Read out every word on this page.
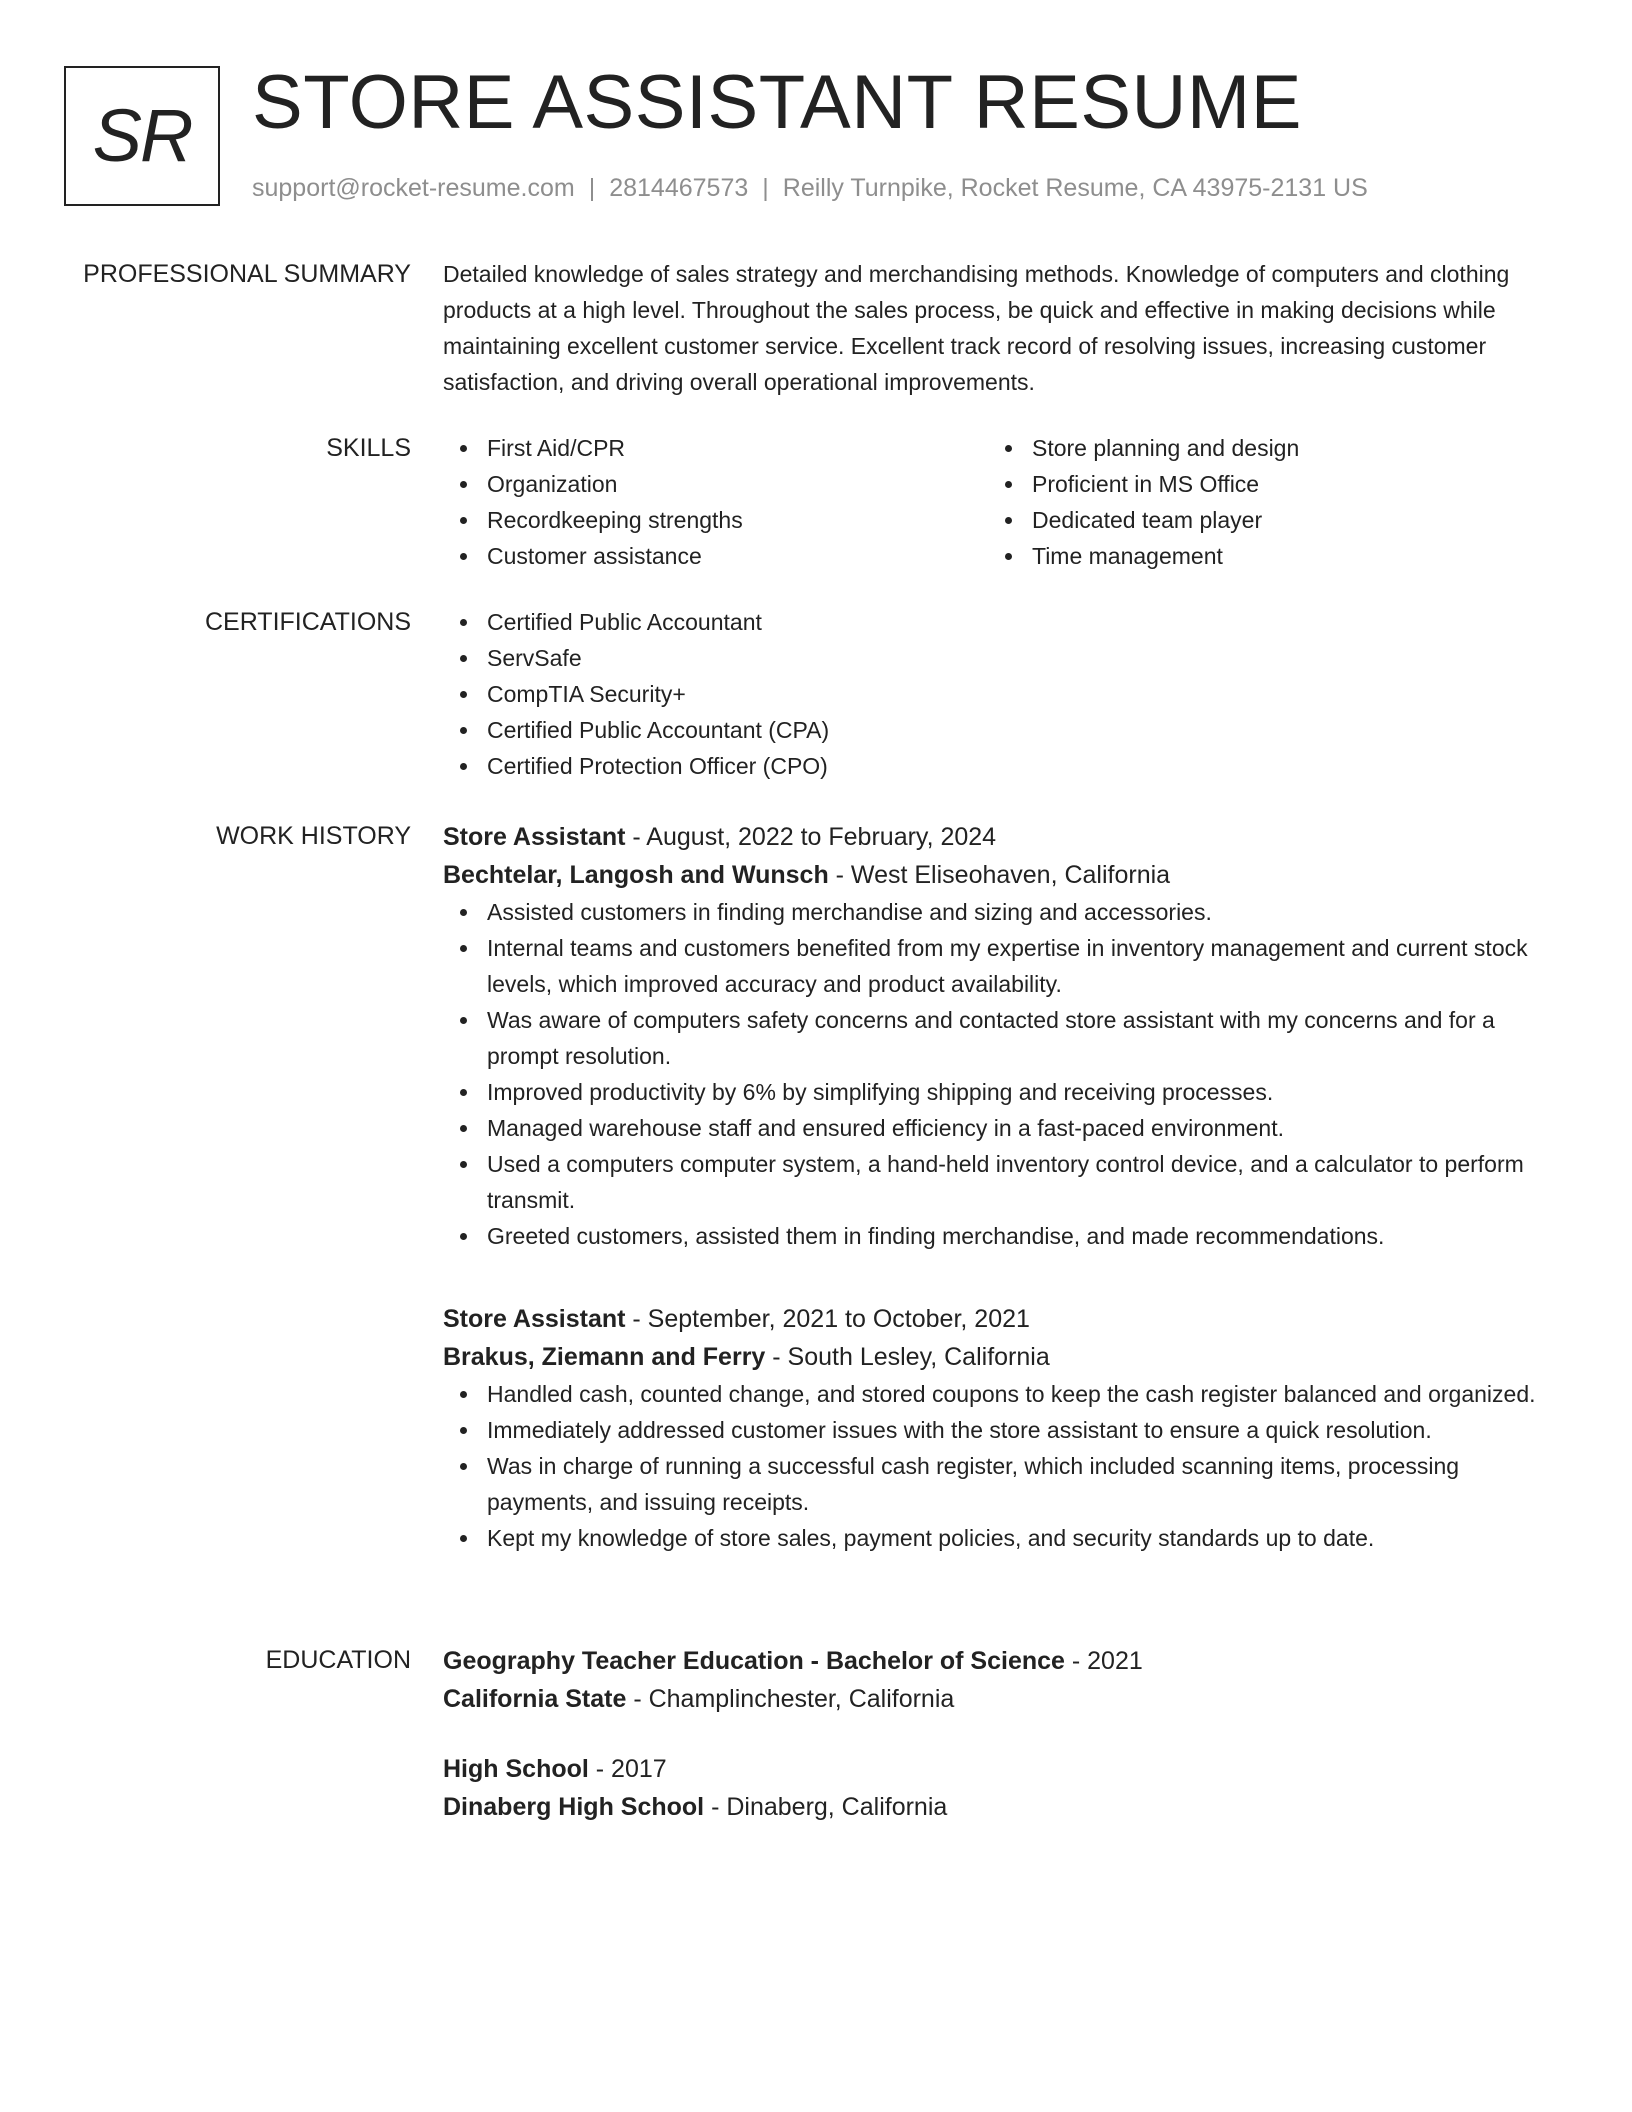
SR STORE ASSISTANT RESUME
support@rocket-resume.com | 2814467573 | Reilly Turnpike, Rocket Resume, CA 43975-2131 US
PROFESSIONAL SUMMARY Detailed knowledge of sales strategy and merchandising methods. Knowledge of computers and clothing products at a high level. Throughout the sales process, be quick and effective in making decisions while maintaining excellent customer service. Excellent track record of resolving issues, increasing customer satisfaction, and driving overall operational improvements.

SKILLS	First Aid/CPR
Organization
Recordkeeping strengths
Customer assistance
Store planning and design
Proficient in MS Office
Dedicated team player
Time management
CERTIFICATIONS	Certified Public Accountant
ServSafe
CompTIA Security+
Certified Public Accountant (CPA)
Certified Protection Officer (CPO)
WORK HISTORY Store Assistant - August, 2022 to February, 2024
Bechtelar, Langosh and Wunsch - West Eliseohaven, California
Assisted customers in finding merchandise and sizing and accessories.
Internal teams and customers benefited from my expertise in inventory management and current stock levels, which improved accuracy and product availability.
Was aware of computers safety concerns and contacted store assistant with my concerns and for a prompt resolution.
Improved productivity by 6% by simplifying shipping and receiving processes.
Managed warehouse staff and ensured efficiency in a fast-paced environment.
Used a computers computer system, a hand-held inventory control device, and a calculator to perform transmit.
Greeted customers, assisted them in finding merchandise, and made recommendations.
Store Assistant - September, 2021 to October, 2021
Brakus, Ziemann and Ferry - South Lesley, California
Handled cash, counted change, and stored coupons to keep the cash register balanced and organized.
Immediately addressed customer issues with the store assistant to ensure a quick resolution.
Was in charge of running a successful cash register, which included scanning items, processing payments, and issuing receipts.
Kept my knowledge of store sales, payment policies, and security standards up to date.
EDUCATION Geography Teacher Education - Bachelor of Science - 2021
California State - Champlinchester, California
High School - 2017
Dinaberg High School - Dinaberg, California
